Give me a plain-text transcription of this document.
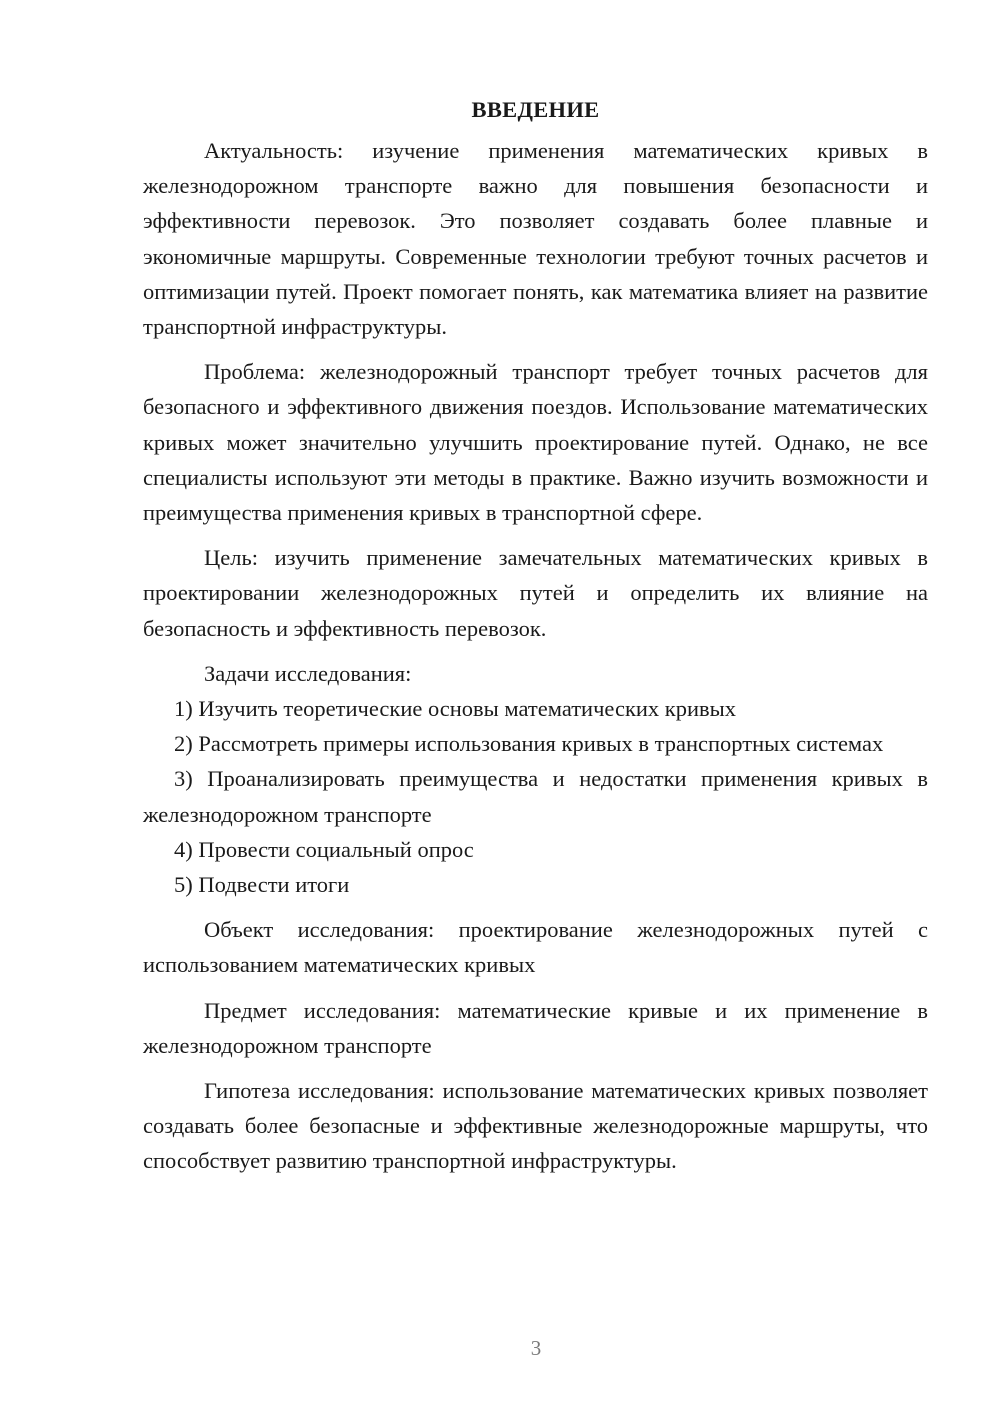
ВВЕДЕНИЕ

Актуальность: изучение применения математических кривых в железнодорожном транспорте важно для повышения безопасности и эффективности перевозок. Это позволяет создавать более плавные и экономичные маршруты. Современные технологии требуют точных расчетов и оптимизации путей. Проект помогает понять, как математика влияет на развитие транспортной инфраструктуры.

Проблема: железнодорожный транспорт требует точных расчетов для безопасного и эффективного движения поездов. Использование математических кривых может значительно улучшить проектирование путей. Однако, не все специалисты используют эти методы в практике. Важно изучить возможности и преимущества применения кривых в транспортной сфере.

Цель: изучить применение замечательных математических кривых в проектировании железнодорожных путей и определить их влияние на безопасность и эффективность перевозок.

Задачи исследования:

1) Изучить теоретические основы математических кривых

2) Рассмотреть примеры использования кривых в транспортных системах

3) Проанализировать преимущества и недостатки применения кривых в железнодорожном транспорте

4) Провести социальный опрос

5) Подвести итоги

Объект исследования: проектирование железнодорожных путей с использованием математических кривых

Предмет исследования: математические кривые и их применение в железнодорожном транспорте

Гипотеза исследования: использование математических кривых позволяет создавать более безопасные и эффективные железнодорожные маршруты, что способствует развитию транспортной инфраструктуры.

3
